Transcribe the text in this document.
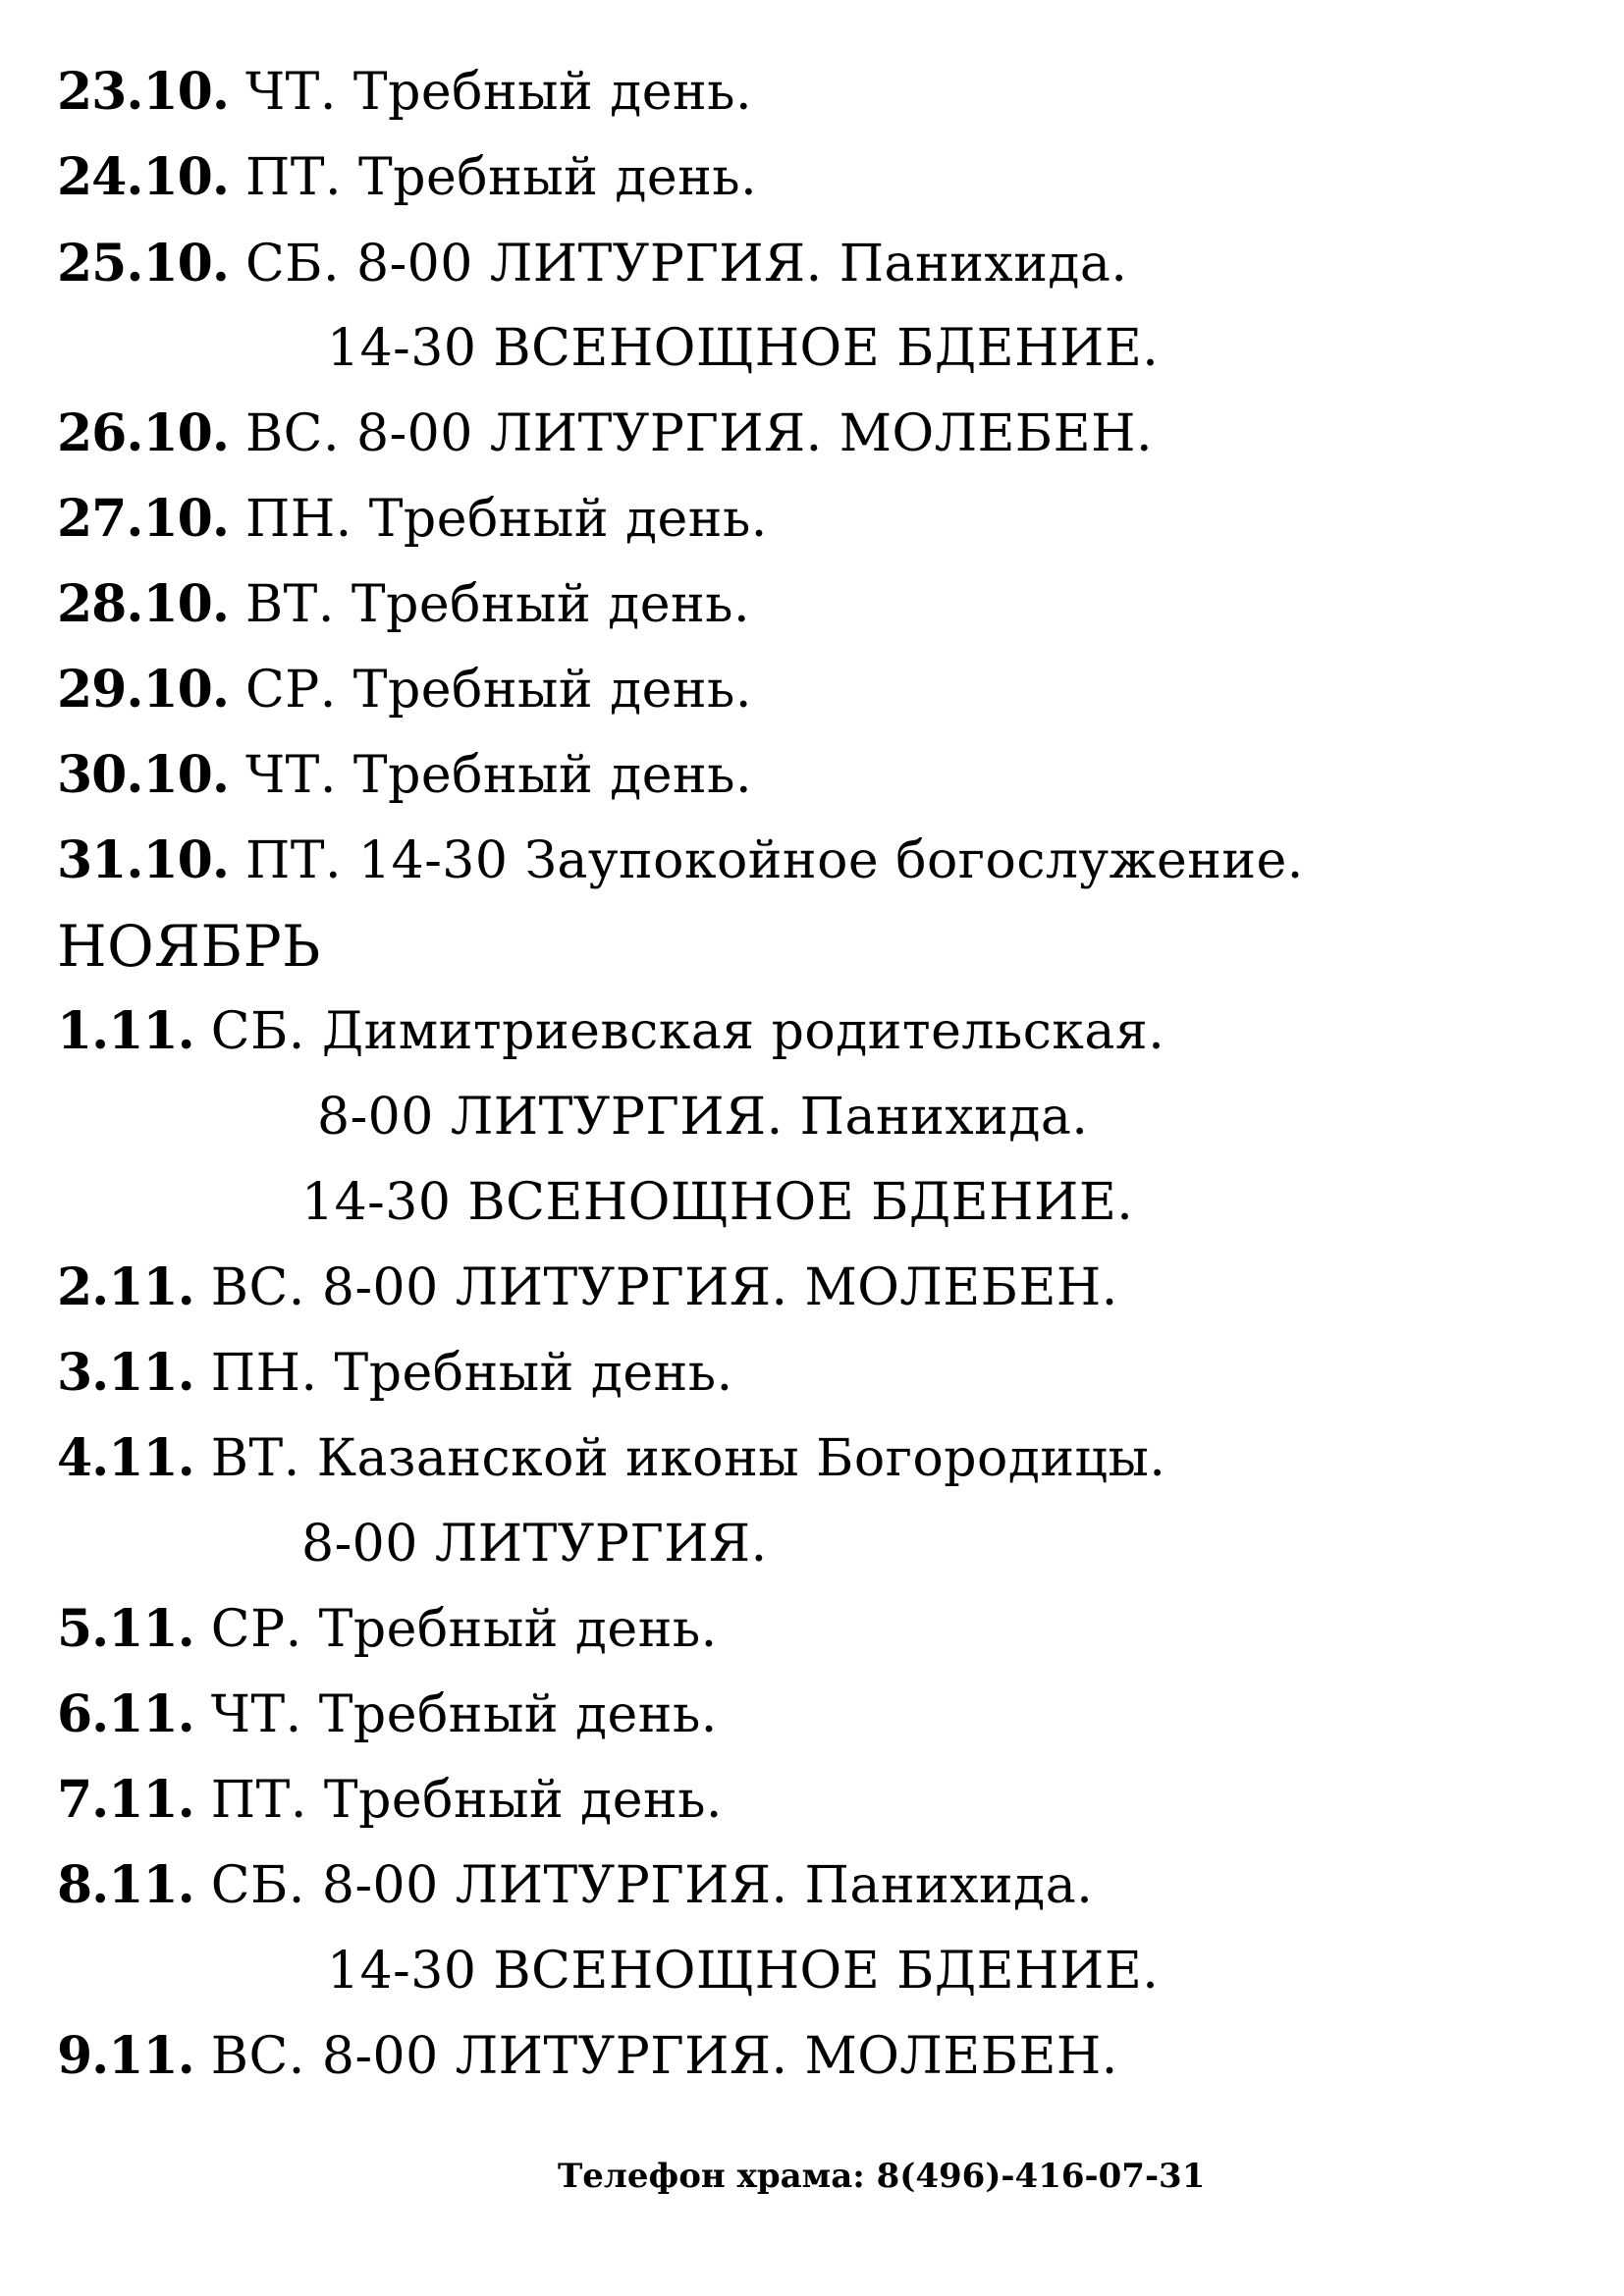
23.10. ЧТ. Требный день.
24.10. ПТ. Требный день.
25.10. СБ. 8-00 ЛИТУРГИЯ. Панихида.
14-30 ВСЕНОЩНОЕ БДЕНИЕ.
26.10. ВС. 8-00 ЛИТУРГИЯ. МОЛЕБЕН.
27.10. ПН. Требный день.
28.10. ВТ. Требный день.
29.10. СР. Требный день.
30.10. ЧТ. Требный день.
31.10. ПТ. 14-30 Заупокойное богослужение.
НОЯБРЬ
1.11. СБ. Димитриевская родительская.
8-00 ЛИТУРГИЯ. Панихида.
14-30 ВСЕНОЩНОЕ БДЕНИЕ.
2.11. ВС. 8-00 ЛИТУРГИЯ. МОЛЕБЕН.
3.11. ПН. Требный день.
4.11. ВТ. Казанской иконы Богородицы.
8-00 ЛИТУРГИЯ.
5.11. СР. Требный день.
6.11. ЧТ. Требный день.
7.11. ПТ. Требный день.
8.11. СБ. 8-00 ЛИТУРГИЯ. Панихида.
14-30 ВСЕНОЩНОЕ БДЕНИЕ.
9.11. ВС. 8-00 ЛИТУРГИЯ. МОЛЕБЕН.
Телефон храма: 8(496)-416-07-31
